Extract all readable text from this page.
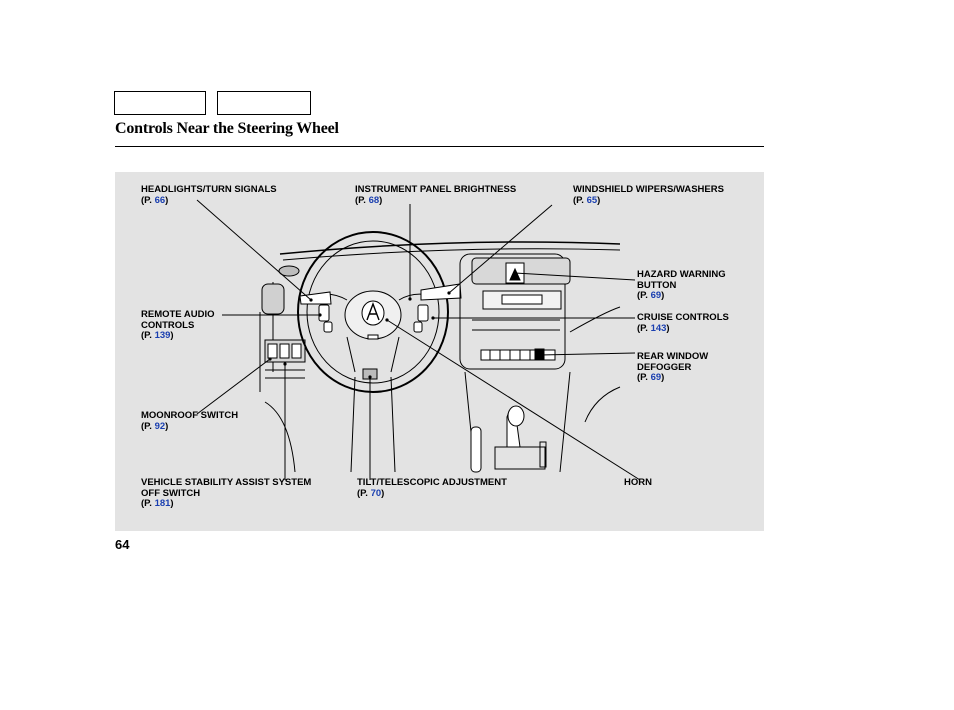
Controls Near the Steering Wheel
HEADLIGHTS/TURN SIGNALS
(P. 66)
INSTRUMENT PANEL BRIGHTNESS
(P. 68)
WINDSHIELD WIPERS/WASHERS
(P. 65)
HAZARD WARNING
BUTTON
(P. 69)
REMOTE AUDIO
CONTROLS
(P. 139)
CRUISE CONTROLS
(P. 143)
REAR WINDOW
DEFOGGER
(P. 69)
MOONROOF SWITCH
(P. 92)
VEHICLE STABILITY ASSIST SYSTEM
OFF SWITCH
(P. 181)
TILT/TELESCOPIC ADJUSTMENT
(P. 70)
HORN
64
